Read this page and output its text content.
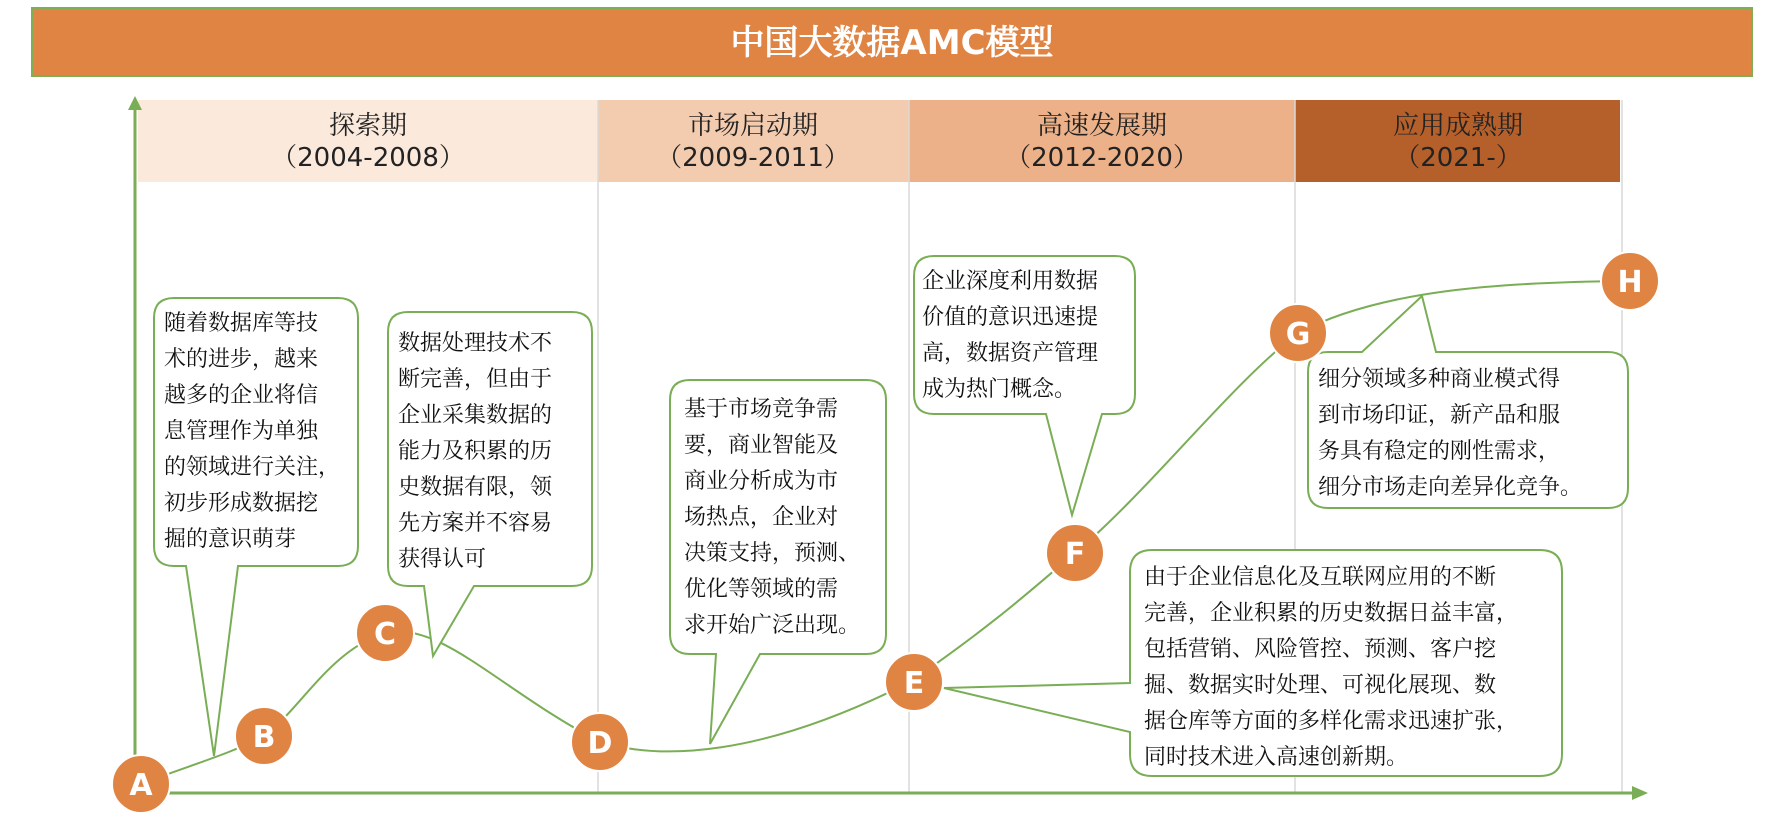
中国大数据AMC模型
探索期
（2004-2008）
市场启动期
（2009-2011）
高速发展期
（2012-2020）
应用成熟期
（2021-）
随着数据库等技 术的进步，越来 越多的企业将信 息管理作为单独 的领域进行关注， 初步形成数据挖 掘的意识萌芽
数据处理技术不 断完善，但由于 企业采集数据的 能力及积累的历 史数据有限，领 先方案并不容易 获得认可
基于市场竞争需 要，商业智能及 商业分析成为市 场热点，企业对 决策支持，预测、 优化等领域的需 求开始广泛出现。
企业深度利用数据 价值的意识迅速提 高，数据资产管理 成为热门概念。
由于企业信息化及互联网应用的不断 完善，企业积累的历史数据日益丰富， 包括营销、风险管控、预测、客户挖 掘、数据实时处理、可视化展现、数 据仓库等方面的多样化需求迅速扩张， 同时技术进入高速创新期。
细分领域多种商业模式得 到市场印证，新产品和服 务具有稳定的刚性需求， 细分市场走向差异化竞争。
A
B
C
D
E
F
G
H
